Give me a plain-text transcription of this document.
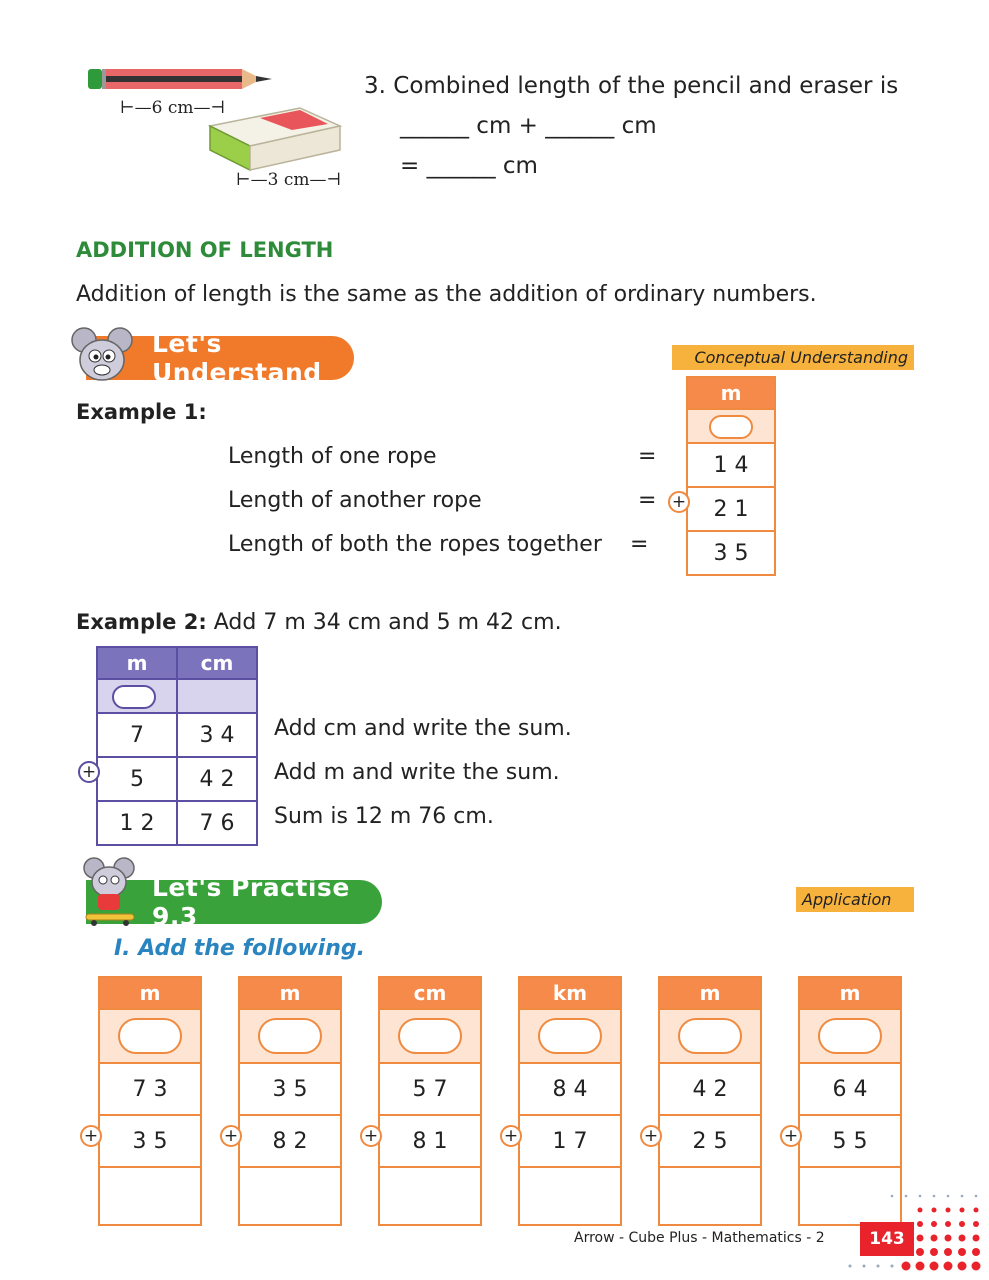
⊢—6 cm—⊣
⊢—3 cm—⊣
3. Combined length of the pencil and eraser is
______ cm + ______ cm
= ______ cm
ADDITION OF LENGTH
Addition of length is the same as the addition of ordinary numbers.
Let's Understand
Conceptual Understanding
Example 1:
Length of one rope
Length of another rope
Length of both the ropes together
=
=
=
m

1 4
2 1
3 5
+
Example 2: Add 7 m 34 cm and 5 m 42 cm.
m	cm

7	3 4
5	4 2
1 2	7 6
+
Add cm and write the sum.
Add m and write the sum.
Sum is 12 m 76 cm.
Let's Practise 9.3
Application
I. Add the following.
m

7 3
3 5

+
m

3 5
8 2

+
cm

5 7
8 1

+
km

8 4
1 7

+
m

4 2
2 5

+
m

6 4
5 5

+
Arrow - Cube Plus - Mathematics - 2	143
